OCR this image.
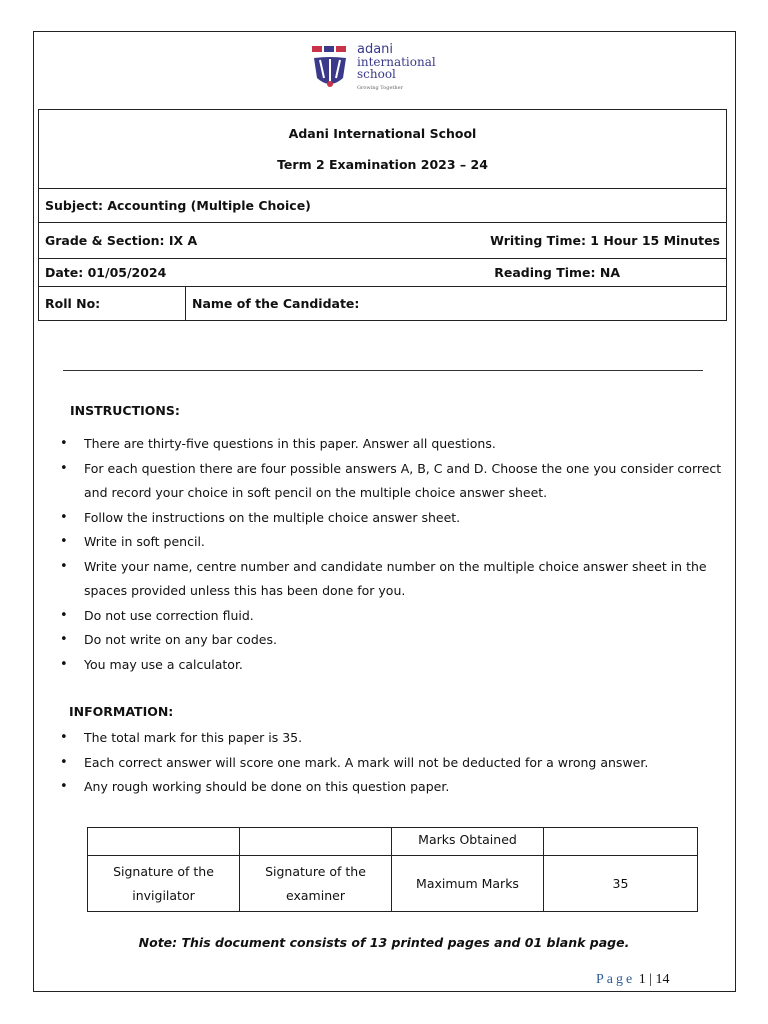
adani
international
school
Growing Together
Adani International School
Term 2 Examination 2023 – 24

Subject: Accounting (Multiple Choice)

Grade & Section: IX A	Writing Time: 1 Hour 15 Minutes

Date: 01/05/2024	Reading Time: NA

Roll No:	Name of the Candidate:
INSTRUCTIONS:
• There are thirty-five questions in this paper. Answer all questions.
• For each question there are four possible answers A, B, C and D. Choose the one you consider correct and record your choice in soft pencil on the multiple choice answer sheet.
• Follow the instructions on the multiple choice answer sheet.
• Write in soft pencil.
• Write your name, centre number and candidate number on the multiple choice answer sheet in the spaces provided unless this has been done for you.
• Do not use correction fluid.
• Do not write on any bar codes.
• You may use a calculator.
INFORMATION:
• The total mark for this paper is 35.
• Each correct answer will score one mark. A mark will not be deducted for a wrong answer.
• Any rough working should be done on this question paper.
		Marks Obtained	
Signature of the invigilator	Signature of the examiner	Maximum Marks	35
Note: This document consists of 13 printed pages and 01 blank page.
Page 1 | 14
